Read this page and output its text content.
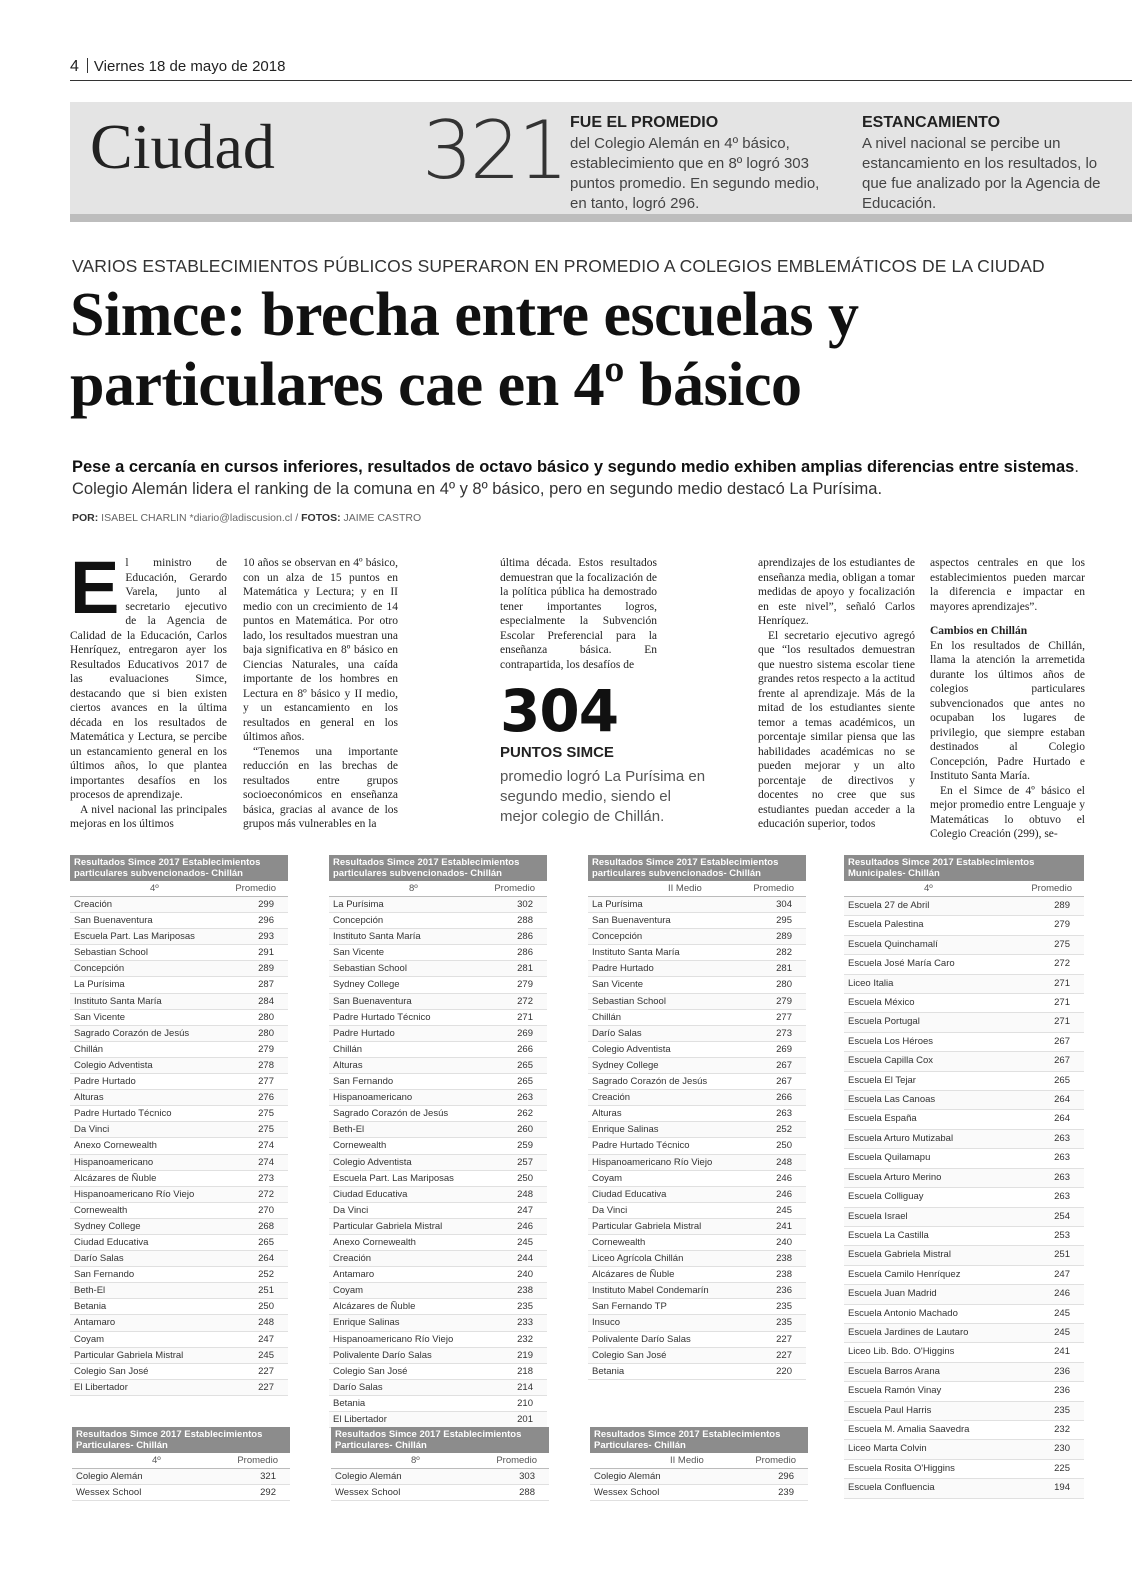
4 Viernes 18 de mayo de 2018
Ciudad 321 FUE EL PROMEDIO
del Colegio Alemán en 4º básico, establecimiento que en 8º logró 303 puntos promedio. En segundo medio, en tanto, logró 296.
ESTANCAMIENTO
A nivel nacional se percibe un estancamiento en los resultados, lo que fue analizado por la Agencia de Educación.
VARIOS ESTABLECIMIENTOS PÚBLICOS SUPERARON EN PROMEDIO A COLEGIOS EMBLEMÁTICOS DE LA CIUDAD
Simce: brecha entre escuelas y particulares cae en 4º básico
Pese a cercanía en cursos inferiores, resultados de octavo básico y segundo medio exhiben amplias diferencias entre sistemas. Colegio Alemán lidera el ranking de la comuna en 4º y 8º básico, pero en segundo medio destacó La Purísima.
POR: ISABEL CHARLIN *diario@ladiscusion.cl / FOTOS: JAIME CASTRO

El ministro de Educación, Gerardo Varela, junto al secretario ejecutivo de la Agencia de Calidad de la Educación, Carlos Henríquez, entregaron ayer los Resultados Educativos 2017 de las evaluaciones Simce, destacando que si bien existen ciertos avances en la última década en los resultados de Matemática y Lectura, se percibe un estancamiento general en los últimos años, lo que plantea importantes desafíos en los procesos de aprendizaje.

A nivel nacional las principales mejoras en los últimos

10 años se observan en 4º básico, con un alza de 15 puntos en Matemática y Lectura; y en II medio con un crecimiento de 14 puntos en Matemática. Por otro lado, los resultados muestran una baja significativa en 8º básico en Ciencias Naturales, una caída importante de los hombres en Lectura en 8º básico y II medio, y un estancamiento en los resultados en general en los últimos años.

“Tenemos una importante reducción en las brechas de resultados entre grupos socioeconómicos en enseñanza básica, gracias al avance de los grupos más vulnerables en la

última década. Estos resultados demuestran que la focalización de la política pública ha demostrado tener importantes logros, especialmente la Subvención Escolar Preferencial para la enseñanza básica. En contrapartida, los desafíos de

aprendizajes de los estudiantes de enseñanza media, obligan a tomar medidas de apoyo y focalización en este nivel”, señaló Carlos Henríquez.

El secretario ejecutivo agregó que “los resultados demuestran que nuestro sistema escolar tiene grandes retos respecto a la actitud frente al aprendizaje. Más de la mitad de los estudiantes siente temor a temas académicos, un porcentaje similar piensa que las habilidades académicas no se pueden mejorar y un alto porcentaje de directivos y docentes no cree que sus estudiantes puedan acceder a la educación superior, todos

aspectos centrales en que los establecimientos pueden marcar la diferencia e impactar en mayores aprendizajes”.

Cambios en Chillán

En los resultados de Chillán, llama la atención la arremetida durante los últimos años de colegios particulares subvencionados que antes no ocupaban los lugares de privilegio, que siempre estaban destinados al Colegio Concepción, Padre Hurtado e Instituto Santa María.

En el Simce de 4º básico el mejor promedio entre Lenguaje y Matemáticas lo obtuvo el Colegio Creación (299), se-

304
PUNTOS SIMCE
promedio logró La Purísima en segundo medio, siendo el mejor colegio de Chillán.
Resultados Simce 2017 Establecimientos particulares subvencionados- Chillán
4º	Promedio
Creación	299
San Buenaventura	296
Escuela Part. Las Mariposas	293
Sebastian School	291
Concepción	289
La Purísima	287
Instituto Santa María	284
San Vicente	280
Sagrado Corazón de Jesús	280
Chillán	279
Colegio Adventista	278
Padre Hurtado	277
Alturas	276
Padre Hurtado Técnico	275
Da Vinci	275
Anexo Cornewealth	274
Hispanoamericano	274
Alcázares de Ñuble	273
Hispanoamericano Río Viejo	272
Cornewealth	270
Sydney College	268
Ciudad Educativa	265
Darío Salas	264
San Fernando	252
Beth-El	251
Betania	250
Antamaro	248
Coyam	247
Particular Gabriela Mistral	245
Colegio San José	227
El Libertador	227
Resultados Simce 2017 Establecimientos particulares subvencionados- Chillán
8º	Promedio
La Purísima	302
Concepción	288
Instituto Santa María	286
San Vicente	286
Sebastian School	281
Sydney College	279
San Buenaventura	272
Padre Hurtado Técnico	271
Padre Hurtado	269
Chillán	266
Alturas	265
San Fernando	265
Hispanoamericano	263
Sagrado Corazón de Jesús	262
Beth-El	260
Cornewealth	259
Colegio Adventista	257
Escuela Part. Las Mariposas	250
Ciudad Educativa	248
Da Vinci	247
Particular Gabriela Mistral	246
Anexo Cornewealth	245
Creación	244
Antamaro	240
Coyam	238
Alcázares de Ñuble	235
Enrique Salinas	233
Hispanoamericano Río Viejo	232
Polivalente Darío Salas	219
Colegio San José	218
Darío Salas	214
Betania	210
El Libertador	201
Resultados Simce 2017 Establecimientos particulares subvencionados- Chillán
II Medio	Promedio
La Purísima	304
San Buenaventura	295
Concepción	289
Instituto Santa María	282
Padre Hurtado	281
San Vicente	280
Sebastian School	279
Chillán	277
Darío Salas	273
Colegio Adventista	269
Sydney College	267
Sagrado Corazón de Jesús	267
Creación	266
Alturas	263
Enrique Salinas	252
Padre Hurtado Técnico	250
Hispanoamericano Río Viejo	248
Coyam	246
Ciudad Educativa	246
Da Vinci	245
Particular Gabriela Mistral	241
Cornewealth	240
Liceo Agrícola Chillán	238
Alcázares de Ñuble	238
Instituto Mabel Condemarín	236
San Fernando TP	235
Insuco	235
Polivalente Darío Salas	227
Colegio San José	227
Betania	220
Resultados Simce 2017 Establecimientos Municipales- Chillán
4º	Promedio
Escuela 27 de Abril	289
Escuela Palestina	279
Escuela Quinchamalí	275
Escuela José María Caro	272
Liceo Italia	271
Escuela México	271
Escuela Portugal	271
Escuela Los Héroes	267
Escuela Capilla Cox	267
Escuela El Tejar	265
Escuela Las Canoas	264
Escuela España	264
Escuela Arturo Mutizabal	263
Escuela Quilamapu	263
Escuela Arturo Merino	263
Escuela Colliguay	263
Escuela Israel	254
Escuela La Castilla	253
Escuela Gabriela Mistral	251
Escuela Camilo Henríquez	247
Escuela Juan Madrid	246
Escuela Antonio Machado	245
Escuela Jardines de Lautaro	245
Liceo Lib. Bdo. O'Higgins	241
Escuela Barros Arana	236
Escuela Ramón Vinay	236
Escuela Paul Harris	235
Escuela M. Amalia Saavedra	232
Liceo Marta Colvin	230
Escuela Rosita O'Higgins	225
Escuela Confluencia	194
Resultados Simce 2017 Establecimientos Particulares- Chillán
4º	Promedio
Colegio Alemán	321
Wessex School	292
Resultados Simce 2017 Establecimientos Particulares- Chillán
8º	Promedio
Colegio Alemán	303
Wessex School	288
Resultados Simce 2017 Establecimientos Particulares- Chillán
II Medio	Promedio
Colegio Alemán	296
Wessex School	239
